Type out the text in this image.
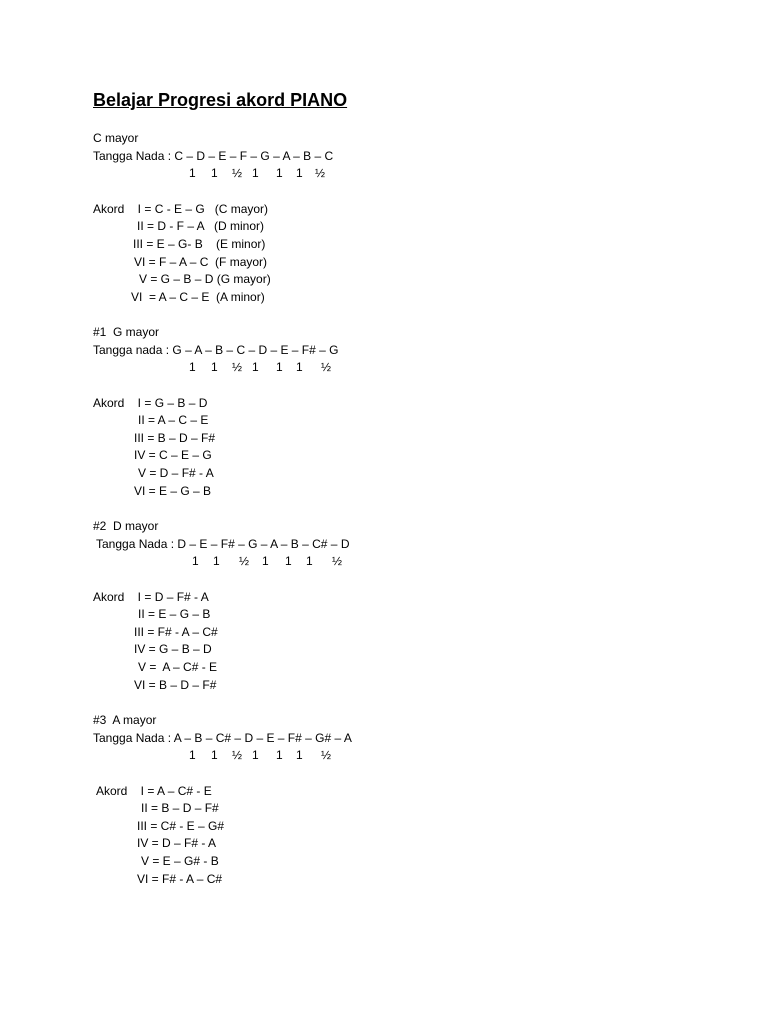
Belajar Progresi akord PIANO
C mayor
Tangga Nada : C – D – E – F – G – A – B – C
1 1 ½ 1 1 1 ½
Akord    I = C - E – G   (C mayor)
II = D - F – A   (D minor)
III = E – G- B    (E minor)
VI = F – A – C  (F mayor)
V = G – B – D (G mayor)
VI  = A – C – E  (A minor)
#1  G mayor
Tangga nada : G – A – B – C – D – E – F# – G
1 1 ½ 1 1 1 ½
Akord    I = G – B – D
II = A – C – E
III = B – D – F#
IV = C – E – G
V = D – F# - A
VI = E – G – B
#2  D mayor
Tangga Nada : D – E – F# – G – A – B – C# – D
1 1 ½ 1 1 1 ½
Akord    I = D – F# - A
II = E – G – B
III = F# - A – C#
IV = G – B – D
V =  A – C# - E
VI = B – D – F#
#3  A mayor
Tangga Nada : A – B – C# – D – E – F# – G# – A
1 1 ½ 1 1 1 ½
Akord    I = A – C# - E
II = B – D – F#
III = C# - E – G#
IV = D – F# - A
V = E – G# - B
VI = F# - A – C#
